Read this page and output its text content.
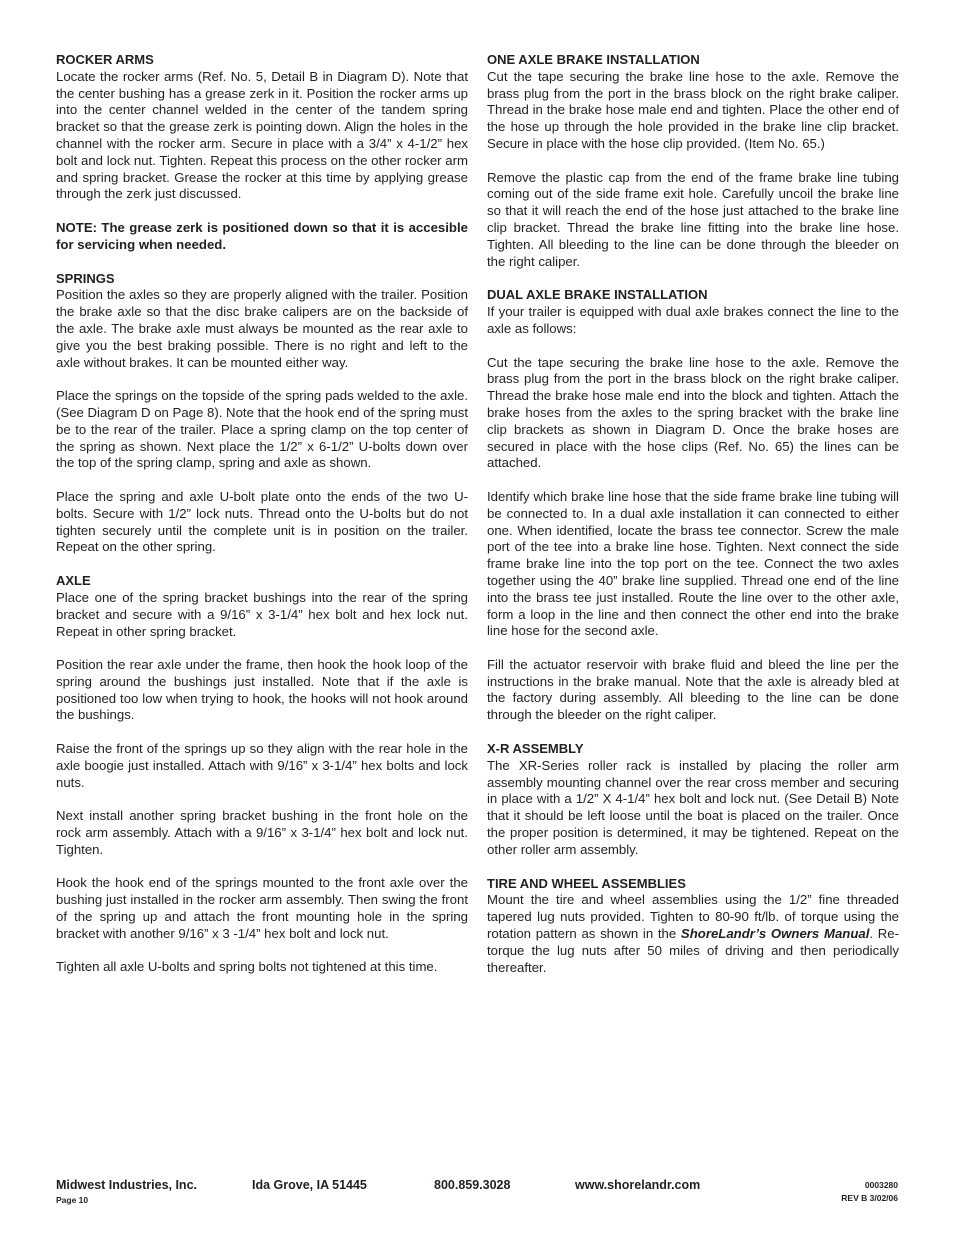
ROCKER ARMS

Locate the rocker arms (Ref. No. 5, Detail B in Diagram D). Note that the center bushing has a grease zerk in it. Position the rocker arms up into the center channel welded in the center of the tandem spring bracket so that the grease zerk is pointing down. Align the holes in the channel with the rocker arm. Secure in place with a 3/4” x 4-1/2” hex bolt and lock nut. Tighten. Repeat this process on the other rocker arm and spring bracket. Grease the rocker at this time by applying grease through the zerk just discussed.

NOTE: The grease zerk is positioned down so that it is accesible for servicing when needed.

SPRINGS

Position the axles so they are properly aligned with the trailer. Position the brake axle so that the disc brake calipers are on the backside of the axle. The brake axle must always be mounted as the rear axle to give you the best braking possible. There is no right and left to the axle without brakes. It can be mounted either way.

Place the springs on the topside of the spring pads welded to the axle. (See Diagram D on Page 8). Note that the hook end of the spring must be to the rear of the trailer. Place a spring clamp on the top center of the spring as shown. Next place the 1/2” x 6-1/2” U-bolts down over the top of the spring clamp, spring and axle as shown.

Place the spring and axle U-bolt plate onto the ends of the two U-bolts. Secure with 1/2” lock nuts. Thread onto the U-bolts but do not tighten securely until the complete unit is in position on the trailer. Repeat on the other spring.

AXLE

Place one of the spring bracket bushings into the rear of the spring bracket and secure with a 9/16” x 3-1/4” hex bolt and hex lock nut. Repeat in other spring bracket.

Position the rear axle under the frame, then hook the hook loop of the spring around the bushings just installed. Note that if the axle is positioned too low when trying to hook, the hooks will not hook around the bushings.

Raise the front of the springs up so they align with the rear hole in the axle boogie just installed. Attach with 9/16” x 3-1/4” hex bolts and lock nuts.

Next install another spring bracket bushing in the front hole on the rock arm assembly. Attach with a 9/16” x 3-1/4” hex bolt and lock nut. Tighten.

Hook the hook end of the springs mounted to the front axle over the bushing just installed in the rocker arm assembly. Then swing the front of the spring up and attach the front mounting hole in the spring bracket with another 9/16” x 3 -1/4” hex bolt and lock nut.

Tighten all axle U-bolts and spring bolts not tightened at this time.

ONE AXLE BRAKE INSTALLATION

Cut the tape securing the brake line hose to the axle. Remove the brass plug from the port in the brass block on the right brake caliper. Thread in the brake hose male end and tighten. Place the other end of the hose up through the hole provided in the brake line clip bracket. Secure in place with the hose clip provided. (Item No. 65.)

Remove the plastic cap from the end of the frame brake line tubing coming out of the side frame exit hole. Carefully uncoil the brake line so that it will reach the end of the hose just attached to the brake line clip bracket. Thread the brake line fitting into the brake line hose. Tighten. All bleeding to the line can be done through the bleeder on the right caliper.

DUAL AXLE BRAKE INSTALLATION

If your trailer is equipped with dual axle brakes connect the line to the axle as follows:

Cut the tape securing the brake line hose to the axle. Remove the brass plug from the port in the brass block on the right brake caliper. Thread the brake hose male end into the block and tighten. Attach the brake hoses from the axles to the spring bracket with the brake line clip brackets as shown in Diagram D. Once the brake hoses are secured in place with the hose clips (Ref. No. 65) the lines can be attached.

Identify which brake line hose that the side frame brake line tubing will be connected to. In a dual axle installation it can connected to either one. When identified, locate the brass tee connector. Screw the male port of the tee into a brake line hose. Tighten. Next connect the side frame brake line into the top port on the tee. Connect the two axles together using the 40” brake line supplied. Thread one end of the line into the brass tee just installed. Route the line over to the other axle, form a loop in the line and then connect the other end into the brake line hose for the second axle.

Fill the actuator reservoir with brake fluid and bleed the line per the instructions in the brake manual. Note that the axle is already bled at the factory during assembly. All bleeding to the line can be done through the bleeder on the right caliper.

X-R ASSEMBLY

The XR-Series roller rack is installed by placing the roller arm assembly mounting channel over the rear cross member and securing in place with a 1/2” X 4-1/4” hex bolt and lock nut. (See Detail B) Note that it should be left loose until the boat is placed on the trailer. Once the proper position is determined, it may be tightened. Repeat on the other roller arm assembly.

TIRE AND WHEEL ASSEMBLIES

Mount the tire and wheel assemblies using the 1/2” fine threaded tapered lug nuts provided. Tighten to 80-90 ft/lb. of torque using the rotation pattern as shown in the ShoreLandr’s Owners Manual. Re-torque the lug nuts after 50 miles of driving and then periodically thereafter.

Midwest Industries, Inc.	Ida Grove, IA 51445	800.859.3028	www.shorelandr.com
Page 10
0003280
REV B 3/02/06
